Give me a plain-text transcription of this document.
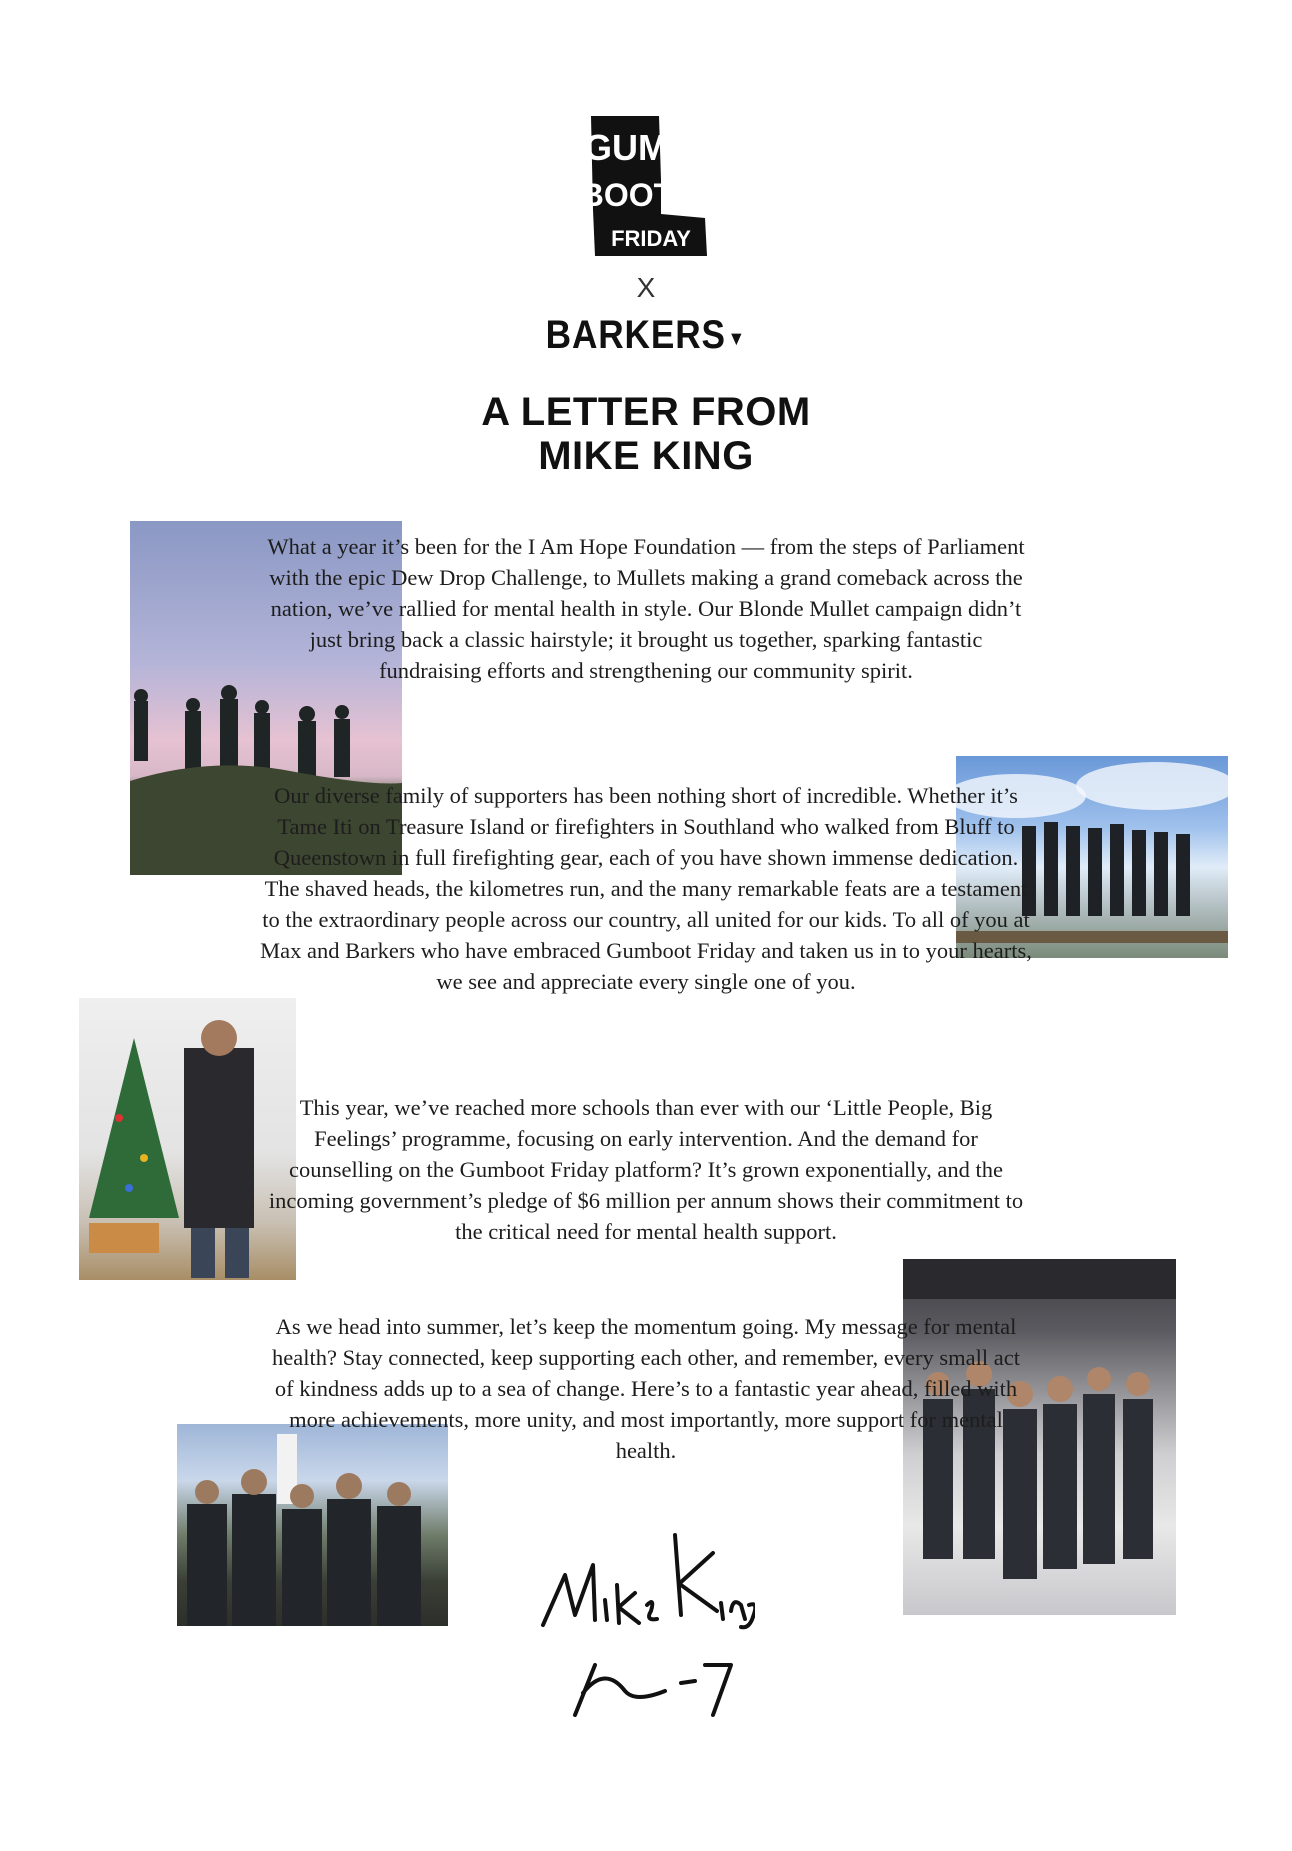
GUM
BOOT
FRIDAY
X
BARKERS▼
A LETTER FROM
MIKE KING

What a year it’s been for the I Am Hope Foundation — from the steps of Parliament with the epic Dew Drop Challenge, to Mullets making a grand comeback across the nation, we’ve rallied for mental health in style. Our Blonde Mullet campaign didn’t just bring back a classic hairstyle; it brought us together, sparking fantastic fundraising efforts and strengthening our community spirit.

Our diverse family of supporters has been nothing short of incredible. Whether it’s Tame Iti on Treasure Island or firefighters in Southland who walked from Bluff to Queenstown in full firefighting gear, each of you have shown immense dedication. The shaved heads, the kilometres run, and the many remarkable feats are a testament to the extraordinary people across our country, all united for our kids. To all of you at Max and Barkers who have embraced Gumboot Friday and taken us in to your hearts, we see and appreciate every single one of you.

This year, we’ve reached more schools than ever with our ‘Little People, Big Feelings’ programme, focusing on early intervention. And the demand for counselling on the Gumboot Friday platform? It’s grown exponentially, and the incoming government’s pledge of $6 million per annum shows their commitment to the critical need for mental health support.

As we head into summer, let’s keep the momentum going. My message for mental health? Stay connected, keep supporting each other, and remember, every small act of kindness adds up to a sea of change. Here’s to a fantastic year ahead, filled with more achievements, more unity, and most importantly, more support for mental health.
